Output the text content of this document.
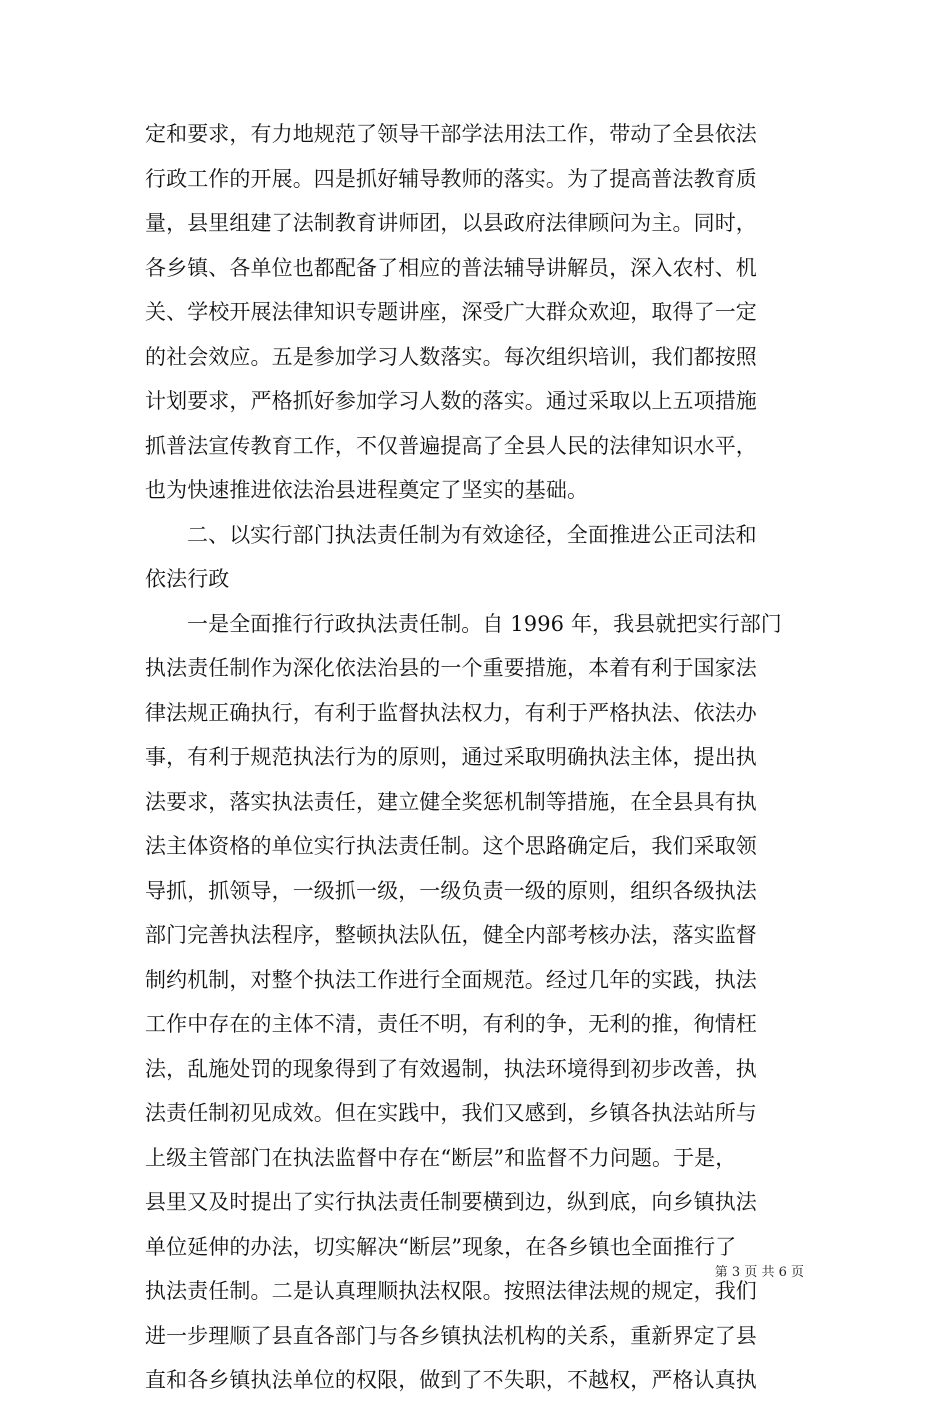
定和要求，有力地规范了领导干部学法用法工作，带动了全县依法
行政工作的开展。四是抓好辅导教师的落实。为了提高普法教育质
量，县里组建了法制教育讲师团，以县政府法律顾问为主。同时，
各乡镇、各单位也都配备了相应的普法辅导讲解员，深入农村、机
关、学校开展法律知识专题讲座，深受广大群众欢迎，取得了一定
的社会效应。五是参加学习人数落实。每次组织培训，我们都按照
计划要求，严格抓好参加学习人数的落实。通过采取以上五项措施
抓普法宣传教育工作，不仅普遍提高了全县人民的法律知识水平，
也为快速推进依法治县进程奠定了坚实的基础。
二、以实行部门执法责任制为有效途径，全面推进公正司法和
依法行政
一是全面推行行政执法责任制。自 1996 年，我县就把实行部门
执法责任制作为深化依法治县的一个重要措施，本着有利于国家法
律法规正确执行，有利于监督执法权力，有利于严格执法、依法办
事，有利于规范执法行为的原则，通过采取明确执法主体，提出执
法要求，落实执法责任，建立健全奖惩机制等措施，在全县具有执
法主体资格的单位实行执法责任制。这个思路确定后，我们采取领
导抓，抓领导，一级抓一级，一级负责一级的原则，组织各级执法
部门完善执法程序，整顿执法队伍，健全内部考核办法，落实监督
制约机制，对整个执法工作进行全面规范。经过几年的实践，执法
工作中存在的主体不清，责任不明，有利的争，无利的推，徇情枉
法，乱施处罚的现象得到了有效遏制，执法环境得到初步改善，执
法责任制初见成效。但在实践中，我们又感到，乡镇各执法站所与
上级主管部门在执法监督中存在“断层”和监督不力问题。于是，
县里又及时提出了实行执法责任制要横到边，纵到底，向乡镇执法
单位延伸的办法，切实解决“断层”现象，在各乡镇也全面推行了
执法责任制。二是认真理顺执法权限。按照法律法规的规定，我们
进一步理顺了县直各部门与各乡镇执法机构的关系，重新界定了县
直和各乡镇执法单位的权限，做到了不失职，不越权，严格认真执
第 3 页 共 6 页
